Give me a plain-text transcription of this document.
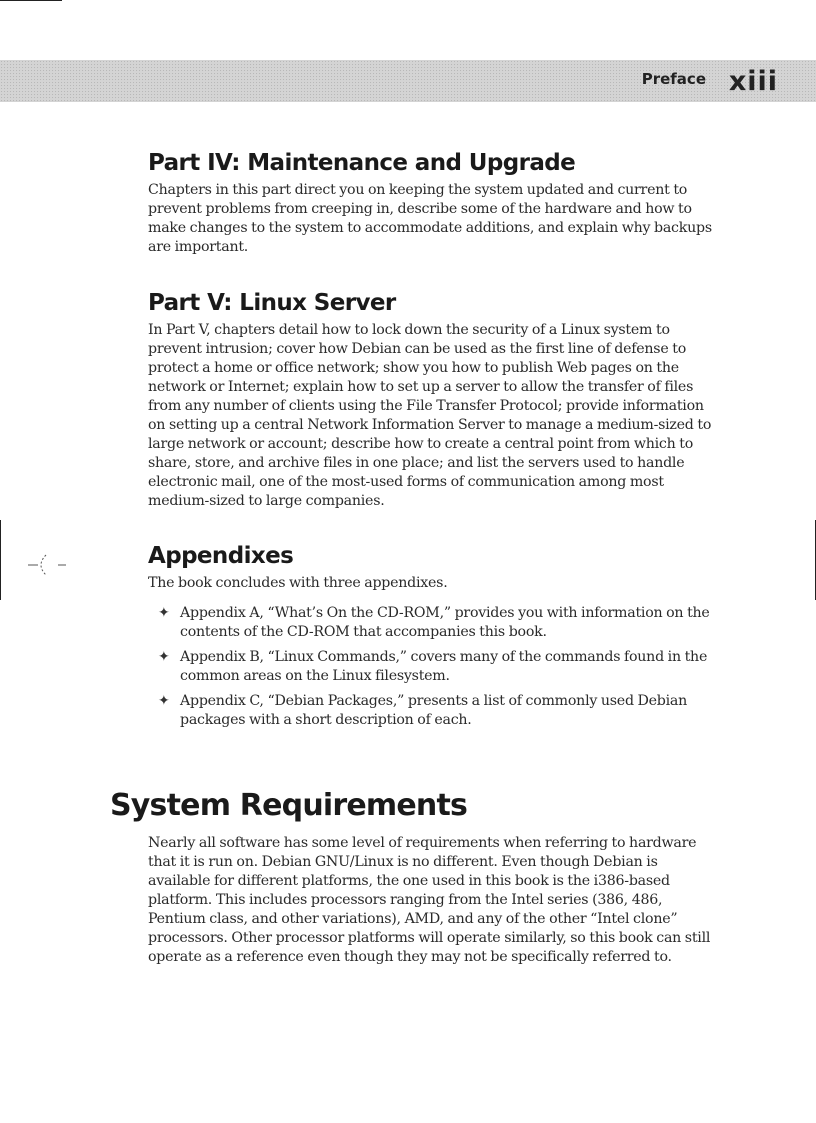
Preface xiii
Part IV: Maintenance and Upgrade

Chapters in this part direct you on keeping the system updated and current to prevent problems from creeping in, describe some of the hardware and how to make changes to the system to accommodate additions, and explain why backups are important.

Part V: Linux Server

In Part V, chapters detail how to lock down the security of a Linux system to prevent intrusion; cover how Debian can be used as the first line of defense to protect a home or office network; show you how to publish Web pages on the network or Internet; explain how to set up a server to allow the transfer of files from any number of clients using the File Transfer Protocol; provide information on setting up a central Network Information Server to manage a medium-sized to large network or account; describe how to create a central point from which to share, store, and archive files in one place; and list the servers used to handle electronic mail, one of the most-used forms of communication among most medium-sized to large companies.

Appendixes

The book concludes with three appendixes.

✦ Appendix A, “What’s On the CD-ROM,” provides you with information on the contents of the CD-ROM that accompanies this book.
✦ Appendix B, “Linux Commands,” covers many of the commands found in the common areas on the Linux filesystem.
✦ Appendix C, “Debian Packages,” presents a list of commonly used Debian packages with a short description of each.
System Requirements

Nearly all software has some level of requirements when referring to hardware that it is run on. Debian GNU/Linux is no different. Even though Debian is available for different platforms, the one used in this book is the i386-based platform. This includes processors ranging from the Intel series (386, 486, Pentium class, and other variations), AMD, and any of the other “Intel clone” processors. Other processor platforms will operate similarly, so this book can still operate as a reference even though they may not be specifically referred to.
